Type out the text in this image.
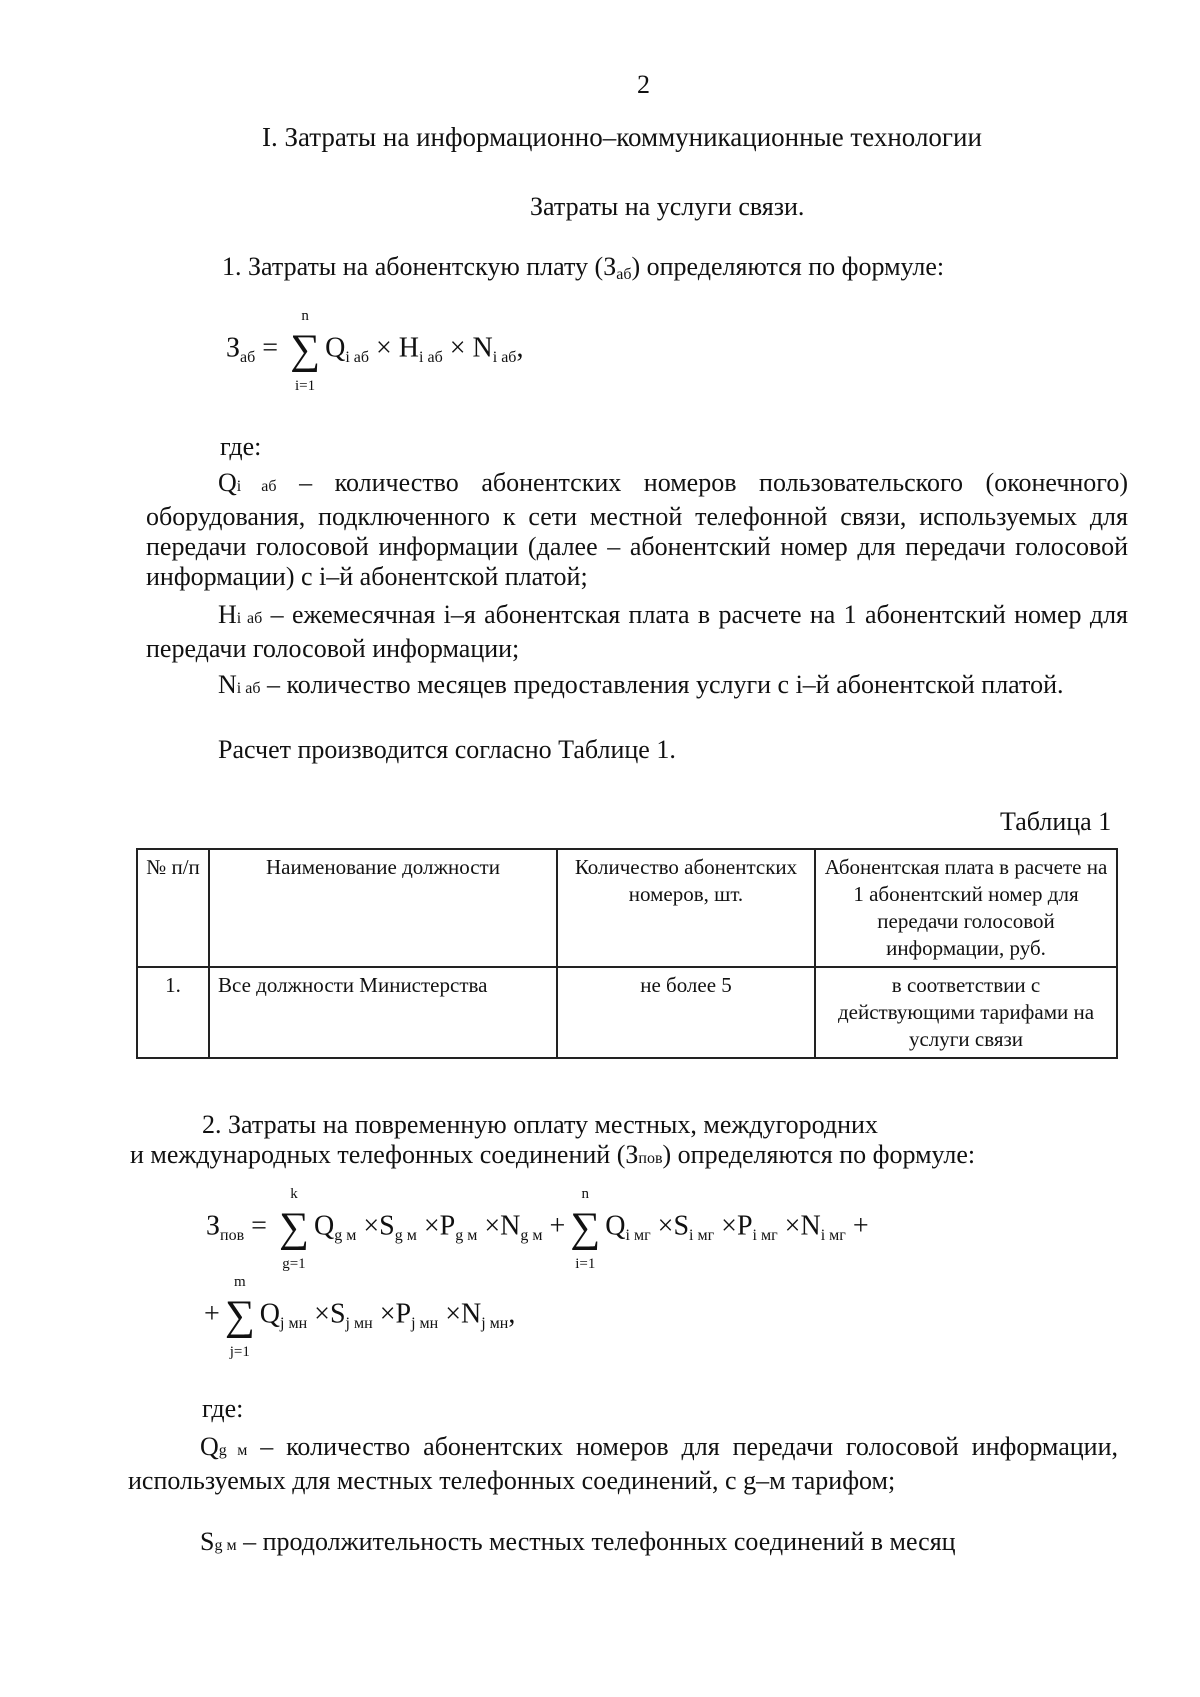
2
I. Затраты на информационно–коммуникационные технологии
Затраты на услуги связи.
1. Затраты на абонентскую плату (Заб) определяются по формуле:
$З_{аб}$ = ∑
n
i=1
$Q_{i аб} \times H_{i аб} \times N_{i аб}$,
где:
Qi аб – количество абонентских номеров пользовательского (оконечного) оборудования, подключенного к сети местной телефонной связи, используемых для передачи голосовой информации (далее – абонентский номер для передачи голосовой информации) с i–й абонентской платой;
Hi аб – ежемесячная i–я абонентская плата в расчете на 1 абонентский номер для передачи голосовой информации;
Ni аб – количество месяцев предоставления услуги с i–й абонентской платой.
Расчет производится согласно Таблице 1.
Таблица 1
№ п/п	Наименование должности	Количество абонентских номеров, шт.	Абонентская плата в расчете на 1 абонентский номер для передачи голосовой информации, руб.
1.	Все должности Министерства	не более 5	в соответствии с действующими тарифами на услуги связи
2. Затраты на повременную оплату местных, междугородних
и международных телефонных соединений (Зпов) определяются по формуле:
$З_{пов}$ = ∑
k
g=1
$Q_{g м} \times S_{g м} \times P_{g м} \times N_{g м}$ + ∑
n
i=1
$Q_{i мг} \times S_{i мг} \times P_{i мг} \times N_{i мг}$ +
+ ∑
m
j=1
$Q_{j мн} \times S_{j мн} \times P_{j мн} \times N_{j мн}$,
где:
Qg м – количество абонентских номеров для передачи голосовой информации, используемых для местных телефонных соединений, с g–м тарифом;
Sg м – продолжительность местных телефонных соединений в месяц
